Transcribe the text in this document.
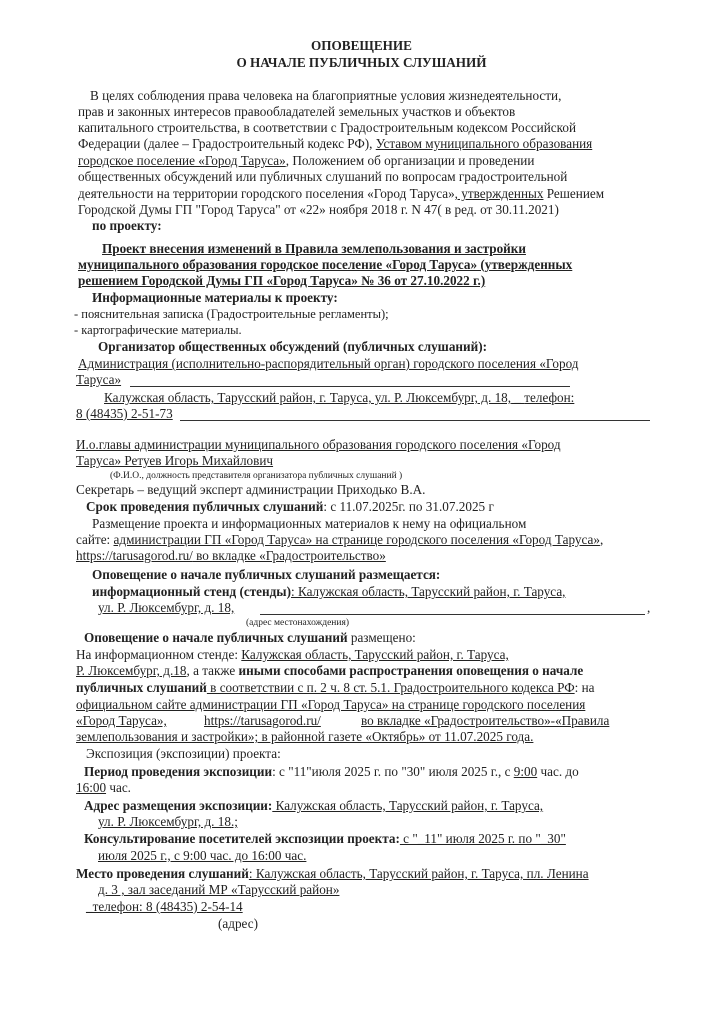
ОПОВЕЩЕНИЕ
О НАЧАЛЕ ПУБЛИЧНЫХ СЛУШАНИЙ
В целях соблюдения права человека на благоприятные условия жизнедеятельности,
прав и законных интересов правообладателей земельных участков и объектов
капитального строительства, в соответствии с Градостроительным кодексом Российской
Федерации (далее – Градостроительный кодекс РФ), Уставом муниципального образования
городское поселение «Город Таруса», Положением об организации и проведении
общественных обсуждений или публичных слушаний по вопросам градостроительной
деятельности на территории городского поселения «Город Таруса», утвержденных Решением
Городской Думы ГП "Город Таруса" от «22» ноября 2018 г. N 47( в ред. от 30.11.2021)
по проекту:
Проект внесения изменений в Правила землепользования и застройки
муниципального образования городское поселение «Город Таруса» (утвержденных
решением Городской Думы ГП «Город Таруса» № 36 от 27.10.2022 г.)
Информационные материалы к проекту:
- пояснительная записка (Градостроительные регламенты);
- картографические материалы.
Организатор общественных обсуждений (публичных слушаний):
Администрация (исполнительно-распорядительный орган) городского поселения «Город
Таруса»
Калужская область, Тарусский район, г. Таруса, ул. Р. Люксембург, д. 18, _ телефон:
8 (48435) 2-51-73
И.о.главы администрации муниципального образования городского поселения «Город
Таруса» Ретуев Игорь Михайлович
(Ф.И.О., должность представителя организатора публичных слушаний )
Секретарь – ведущий эксперт администрации Приходько В.А.
Срок проведения публичных слушаний: с 11.07.2025г. по 31.07.2025 г
Размещение проекта и информационных материалов к нему на официальном
сайте: администрации ГП «Город Таруса» на странице городского поселения «Город Таруса»,
https://tarusagorod.ru/ во вкладке «Градостроительство»
Оповещение о начале публичных слушаний размещается:
информационный стенд (стенды): Калужская область, Тарусский район, г. Таруса,
ул. Р. Люксембург, д. 18,	,
(адрес местонахождения)
Оповещение о начале публичных слушаний размещено:
На информационном стенде: Калужская область, Тарусский район, г. Таруса,
Р. Люксембург, д.18, а также иными способами распространения оповещения о начале
публичных слушаний в соответствии с п. 2 ч. 8 ст. 5.1. Градостроительного кодекса РФ: на
официальном сайте администрации ГП «Город Таруса» на странице городского поселения
«Город Таруса»,	https://tarusagorod.ru/	во вкладке «Градостроительство»-«Правила
землепользования и застройки»; в районной газете «Октябрь» от 11.07.2025 года.
Экспозиция (экспозиции) проекта:
Период проведения экспозиции: с "11"июля 2025 г. по "30" июля 2025 г., с 9:00 час. до
16:00 час.
Адрес размещения экспозиции: Калужская область, Тарусский район, г. Таруса,
ул. Р. Люксембург, д. 18.;
Консультирование посетителей экспозиции проекта: с "_11" июля 2025 г. по "_30"
июля 2025 г., с 9:00 час. до 16:00 час.
Место проведения слушаний: Калужская область, Тарусский район, г. Таруса, пл. Ленина
д. 3 , зал заседаний МР «Тарусский район»
_телефон: 8 (48435) 2-54-14
(адрес)
